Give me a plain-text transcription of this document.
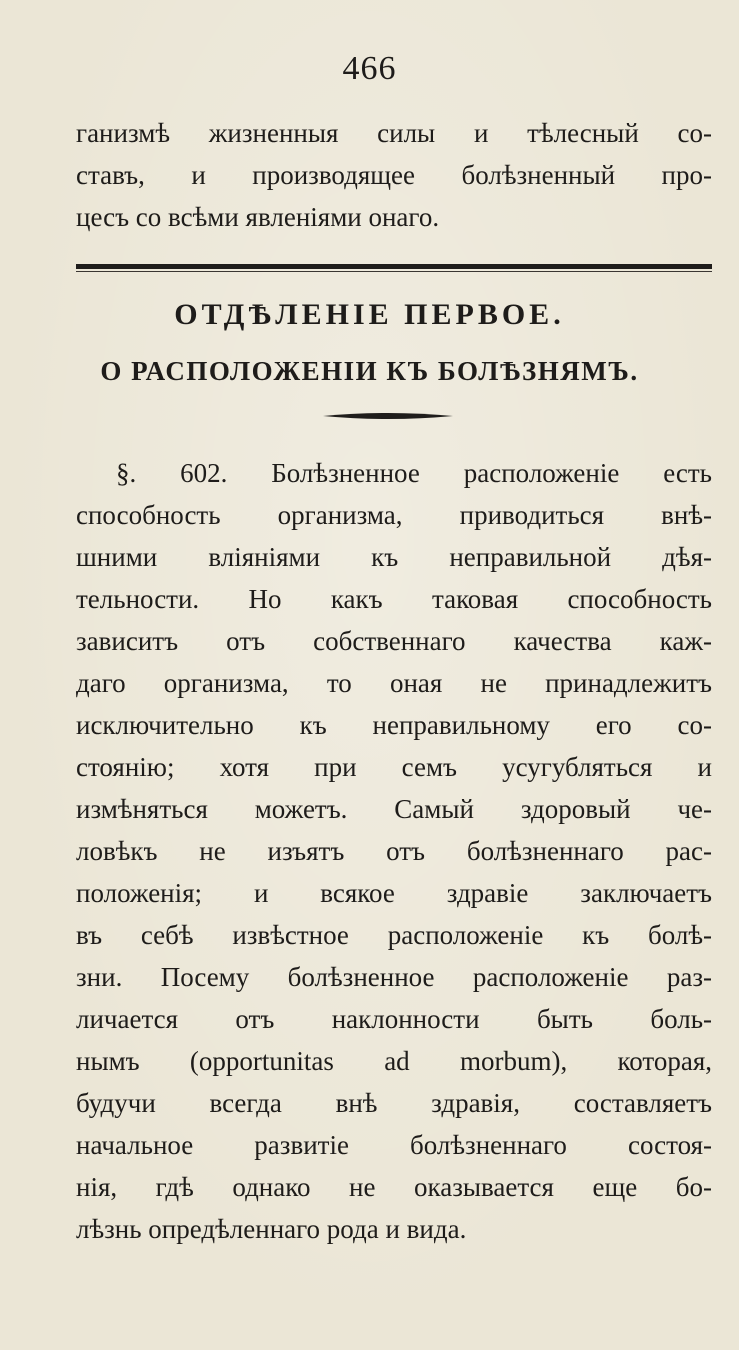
466
ганизмѣ жизненныя силы и тѣлесный со-
ставъ, и производящее болѣзненный про-
цесъ со всѣми явленіями онаго.
ОТДѢЛЕНІЕ ПЕРВОЕ.
О РАСПОЛОЖЕНІИ КЪ БОЛѢЗНЯМЪ.
§. 602. Болѣзненное расположеніе есть
способность организма, приводиться внѣ-
шними вліяніями къ неправильной дѣя-
тельности. Но какъ таковая способность
зависитъ отъ собственнаго качества каж-
даго организма, то оная не принадлежитъ
исключительно къ неправильному его со-
стоянію; хотя при семъ усугубляться и
измѣняться можетъ. Самый здоровый че-
ловѣкъ не изъятъ отъ болѣзненнаго рас-
положенія; и всякое здравіе заключаетъ
въ себѣ извѣстное расположеніе къ болѣ-
зни. Посему болѣзненное расположеніе раз-
личается отъ наклонности быть боль-
нымъ (opportunitas ad morbum), которая,
будучи всегда внѣ здравія, составляетъ
начальное развитіе болѣзненнаго состоя-
нія, гдѣ однако не оказывается еще бо-
лѣзнь опредѣленнаго рода и вида.
